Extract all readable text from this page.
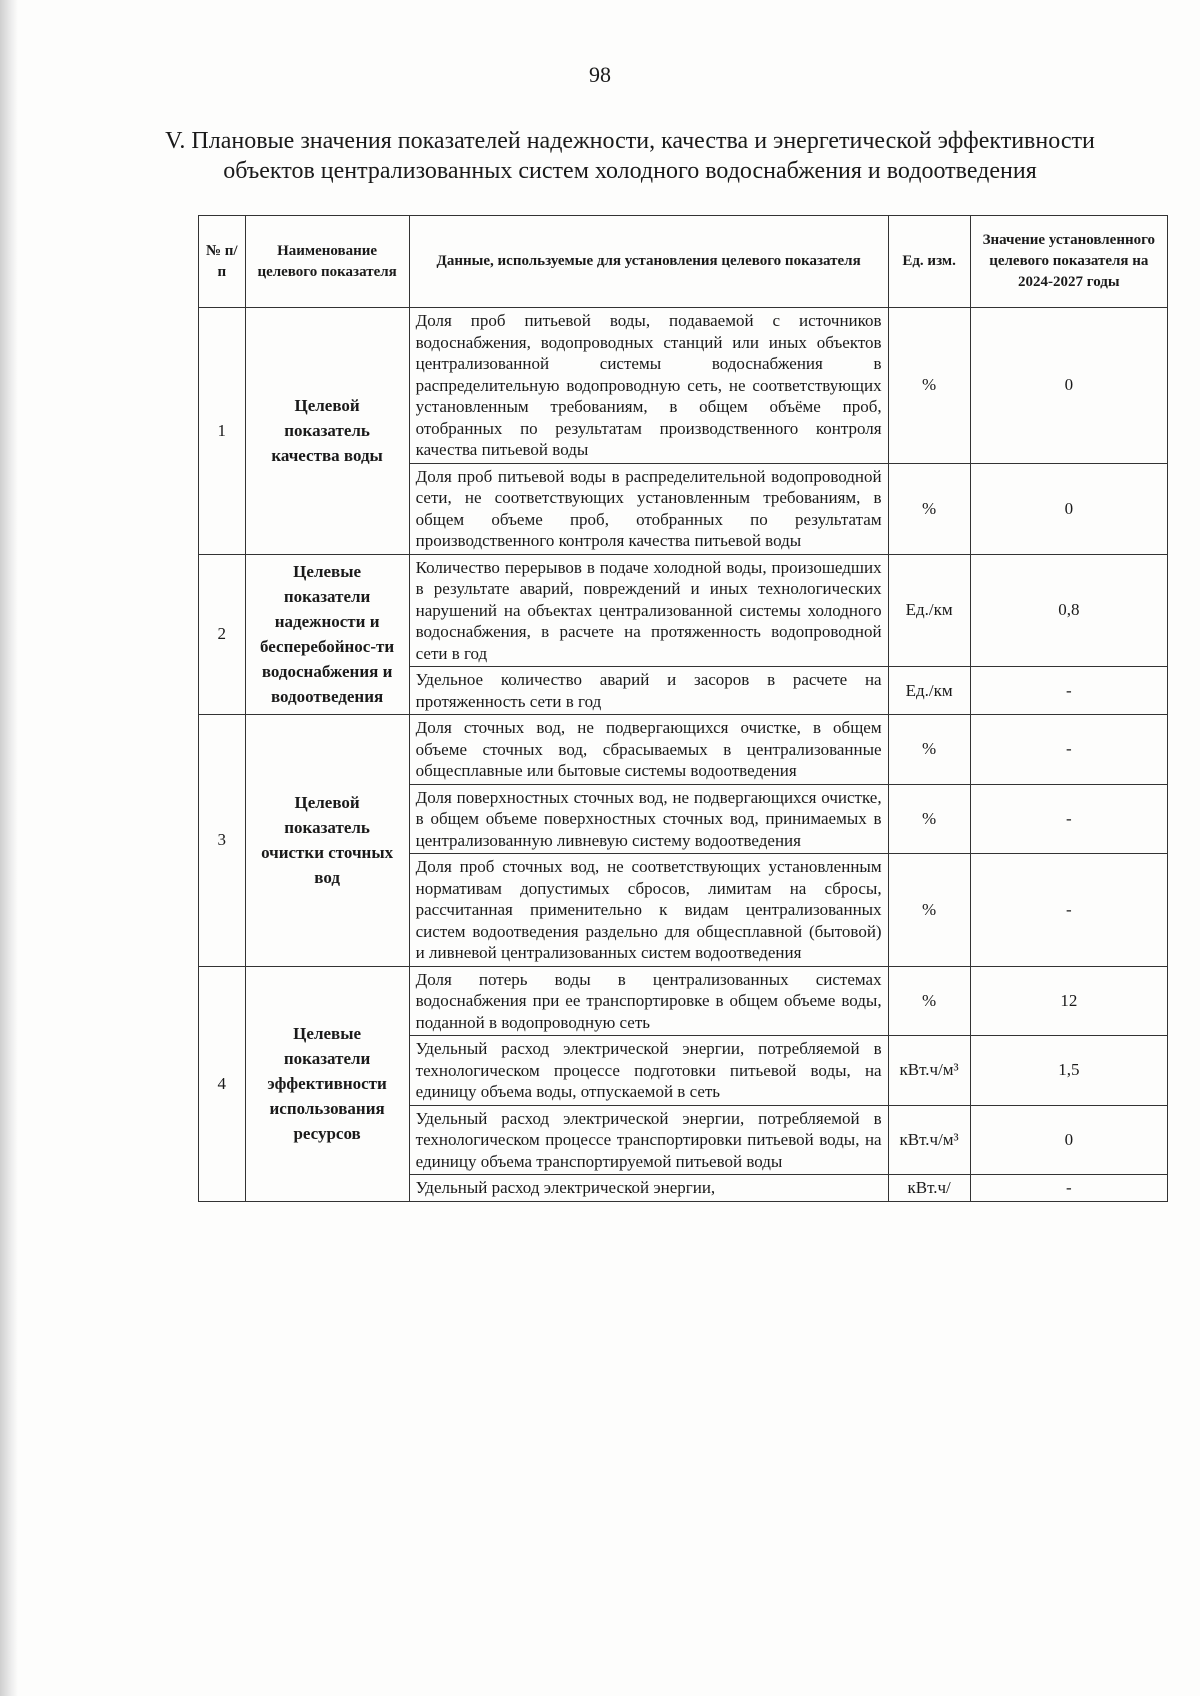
98
V. Плановые значения показателей надежности, качества и энергетической эффективности объектов централизованных систем холодного водоснабжения и водоотведения
№ п/п	Наименование целевого показателя	Данные, используемые для установления целевого показателя	Ед. изм.	Значение установленного целевого показателя на 2024-2027 годы
1	Целевой показатель качества воды	Доля проб питьевой воды, подаваемой с источников водоснабжения, водопроводных станций или иных объектов централизованной системы водоснабжения в распределительную водопроводную сеть, не соответствующих установленным требованиям, в общем объёме проб, отобранных по результатам производственного контроля качества питьевой воды	%	0
		Доля проб питьевой воды в распределительной водопроводной сети, не соответствующих установленным требованиям, в общем объеме проб, отобранных по результатам производственного контроля качества питьевой воды	%	0
2	Целевые показатели надежности и бесперебойнос-ти водоснабжения и водоотведения	Количество перерывов в подаче холодной воды, произошедших в результате аварий, повреждений и иных технологических нарушений на объектах централизованной системы холодного водоснабжения, в расчете на протяженность водопроводной сети в год	Ед./км	0,8
		Удельное количество аварий и засоров в расчете на протяженность сети в год	Ед./км	-
3	Целевой показатель очистки сточных вод	Доля сточных вод, не подвергающихся очистке, в общем объеме сточных вод, сбрасываемых в централизованные общесплавные или бытовые системы водоотведения	%	-
		Доля поверхностных сточных вод, не подвергающихся очистке, в общем объеме поверхностных сточных вод, принимаемых в централизованную ливневую систему водоотведения	%	-
		Доля проб сточных вод, не соответствующих установленным нормативам допустимых сбросов, лимитам на сбросы, рассчитанная применительно к видам централизованных систем водоотведения раздельно для общесплавной (бытовой) и ливневой централизованных систем водоотведения	%	-
4	Целевые показатели эффективности использования ресурсов	Доля потерь воды в централизованных системах водоснабжения при ее транспортировке в общем объеме воды, поданной в водопроводную сеть	%	12
		Удельный расход электрической энергии, потребляемой в технологическом процессе подготовки питьевой воды, на единицу объема воды, отпускаемой в сеть	кВт.ч/м³	1,5
		Удельный расход электрической энергии, потребляемой в технологическом процессе транспортировки питьевой воды, на единицу объема транспортируемой питьевой воды	кВт.ч/м³	0
		Удельный расход электрической энергии,	кВт.ч/	-
